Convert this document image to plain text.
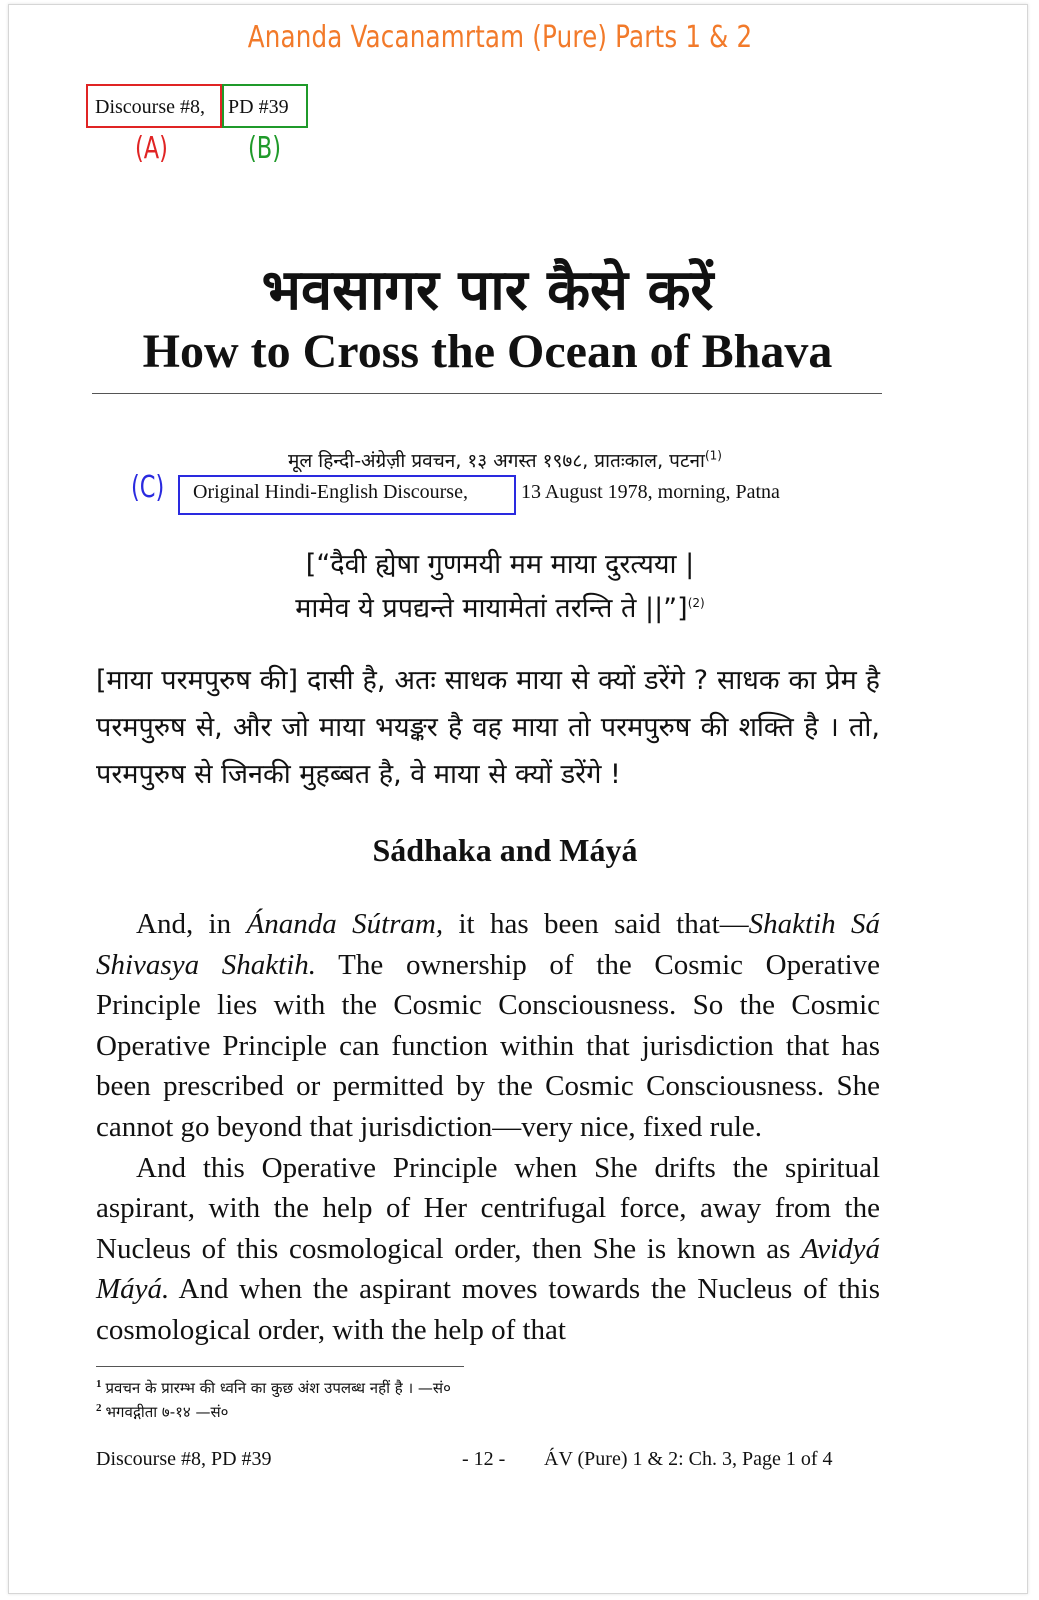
Ananda Vacanamrtam (Pure) Parts 1 & 2
Discourse #8, PD #39
(A)	(B)
भवसागर पार कैसे करें
How to Cross the Ocean of Bhava
मूल हिन्दी-अंग्रेज़ी प्रवचन, १३ अगस्त १९७८, प्रातःकाल, पटना$^{(1)}$
(C) Original Hindi-English Discourse,	13 August 1978, morning, Patna
[“दैवी ह्येषा गुणमयी मम माया दुरत्यया |
मामेव ये प्रपद्यन्ते मायामेतां तरन्ति ते ||”]$^{(2)}$
[माया परमपुरुष की] दासी है, अतः साधक माया से क्यों डरेंगे ? साधक का प्रेम है परमपुरुष से, और जो माया भयङ्कर है वह माया तो परमपुरुष की शक्ति है । तो, परमपुरुष से जिनकी मुहब्बत है, वे माया से क्यों डरेंगे !
Sádhaka and Máyá

And, in Ánanda Sútram, it has been said that—Shaktih Sá Shivasya Shaktih. The ownership of the Cosmic Operative Principle lies with the Cosmic Consciousness. So the Cosmic Operative Principle can function within that jurisdiction that has been prescribed or permitted by the Cosmic Consciousness. She cannot go beyond that jurisdiction—very nice, fixed rule.

And this Operative Principle when She drifts the spiritual aspirant, with the help of Her centrifugal force, away from the Nucleus of this cosmological order, then She is known as Avidyá Máyá. And when the aspirant moves towards the Nucleus of this cosmological order, with the help of that

$^1$ प्रवचन के प्रारम्भ की ध्वनि का कुछ अंश उपलब्ध नहीं है । —सं०
$^2$ भगवद्गीता ७-१४ —सं०
Discourse #8, PD #39	- 12 - ÁV (Pure) 1 & 2: Ch. 3, Page 1 of 4
